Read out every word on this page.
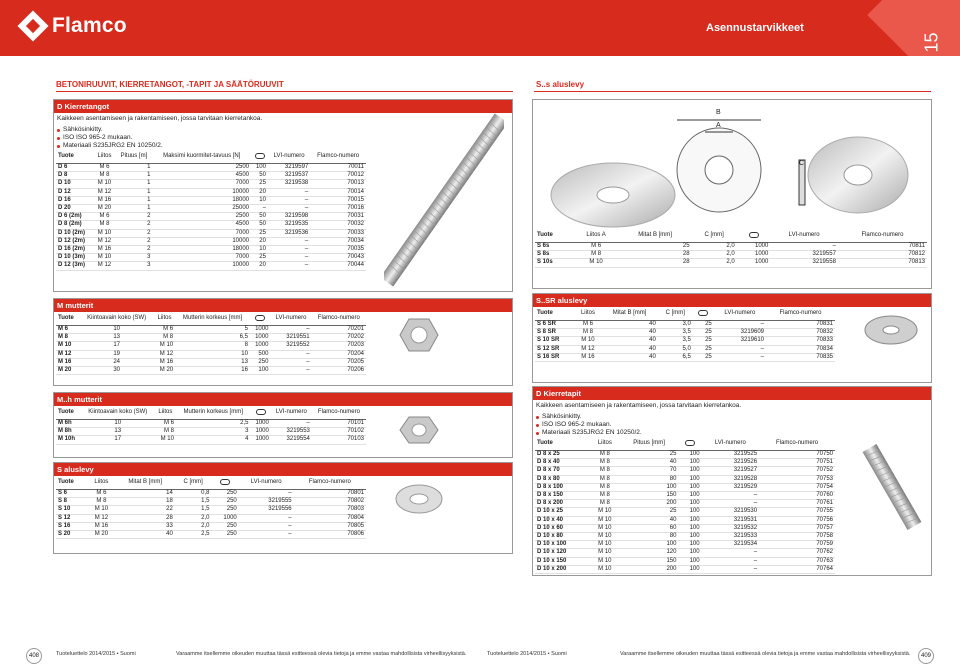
Flamco	Asennustarvikkeet
15
BETONIRUUVIT, KIERRETANGOT, -TAPIT JA SÄÄTÖRUUVIT	S..s aluslevy
D Kierretangot
Kaikkeen asentamiseen ja rakentamiseen, jossa tarvitaan kierretankoa.
Sähkösinkitty.
ISO ISO 965-2 mukaan.
Materiaali S235JRG2 EN 10250/2.
Tuote	Liitos	Pituus [m]	Maksimi kuormitet-tavuus [N]		LVI-numero	Flamco-numero
D 6	M 6	1	2500	100	3219597	70011
D 8	M 8	1	4500	50	3219537	70012
D 10	M 10	1	7000	25	3219538	70013
D 12	M 12	1	10000	20	–	70014
D 16	M 16	1	18000	10	–	70015
D 20	M 20	1	25000	–	–	70016
D 6 (2m)	M 6	2	2500	50	3219598	70031
D 8 (2m)	M 8	2	4500	50	3219535	70032
D 10 (2m)	M 10	2	7000	25	3219536	70033
D 12 (2m)	M 12	2	10000	20	–	70034
D 16 (2m)	M 16	2	18000	10	–	70035
D 10 (3m)	M 10	3	7000	25	–	70043
D 12 (3m)	M 12	3	10000	20	–	70044
M mutterit
Tuote	Kiintoavain koko (SW)	Liitos	Mutterin korkeus [mm]		LVI-numero	Flamco-numero
M 6	10	M 6	5	1000	–	70201
M 8	13	M 8	6,5	1000	3219551	70202
M 10	17	M 10	8	1000	3219552	70203
M 12	19	M 12	10	500	–	70204
M 16	24	M 16	13	250	–	70205
M 20	30	M 20	16	100	–	70206
M..h mutterit
Tuote	Kiintoavain koko (SW)	Liitos	Mutterin korkeus [mm]		LVI-numero	Flamco-numero
M 6h	10	M 6	2,5	1000	–	70101
M 8h	13	M 8	3	1000	3219553	70102
M 10h	17	M 10	4	1000	3219554	70103
S aluslevy
Tuote	Liitos	Mitat B [mm]	C [mm]		LVI-numero	Flamco-numero
S 6	M 6	14	0,8	250	–	70801
S 8	M 8	18	1,5	250	3219555	70802
S 10	M 10	22	1,5	250	3219556	70803
S 12	M 12	28	2,0	1000	–	70804
S 16	M 16	33	2,0	250	–	70805
S 20	M 20	40	2,5	250	–	70806
B
A
C
Tuote	Liitos A	Mitat B [mm]	C [mm]		LVI-numero	Flamco-numero
S 6s	M 6	25	2,0	1000	–	70811
S 8s	M 8	28	2,0	1000	3219557	70812
S 10s	M 10	28	2,0	1000	3219558	70813
S..SR aluslevy
Tuote	Liitos	Mitat B [mm]	C [mm]		LVI-numero	Flamco-numero
S 6 SR	M 6	40	3,0	25	–	70831
S 8 SR	M 8	40	3,5	25	3219609	70832
S 10 SR	M 10	40	3,5	25	3219610	70833
S 12 SR	M 12	40	5,0	25	–	70834
S 16 SR	M 16	40	6,5	25	–	70835
D Kierretapit
Kaikkeen asentamiseen ja rakentamiseen, jossa tarvitaan kierretankoa.
Sähkösinkitty.
ISO ISO 965-2 mukaan.
Materiaali S235JRG2 EN 10250/2.
Tuote	Liitos	Pituus [mm]		LVI-numero	Flamco-numero
D 8 x 25	M 8	25	100	3219525	70750
D 8 x 40	M 8	40	100	3219526	70751
D 8 x 70	M 8	70	100	3219527	70752
D 8 x 80	M 8	80	100	3219528	70753
D 8 x 100	M 8	100	100	3219529	70754
D 8 x 150	M 8	150	100	–	70760
D 8 x 200	M 8	200	100	–	70761
D 10 x 25	M 10	25	100	3219530	70755
D 10 x 40	M 10	40	100	3219531	70756
D 10 x 60	M 10	60	100	3219532	70757
D 10 x 80	M 10	80	100	3219533	70758
D 10 x 100	M 10	100	100	3219534	70759
D 10 x 120	M 10	120	100	–	70762
D 10 x 150	M 10	150	100	–	70763
D 10 x 200	M 10	200	100	–	70764
408	Tuoteluettelo 2014/2015 • Suomi	Varaamme itsellemme oikeuden muuttaa tässä esitteessä olevia tietoja ja emme vastaa mahdollisista virheellisyyksistä.	Tuoteluettelo 2014/2015 • Suomi	Varaamme itsellemme oikeuden muuttaa tässä esitteessä olevia tietoja ja emme vastaa mahdollisista virheellisyyksistä.	409
